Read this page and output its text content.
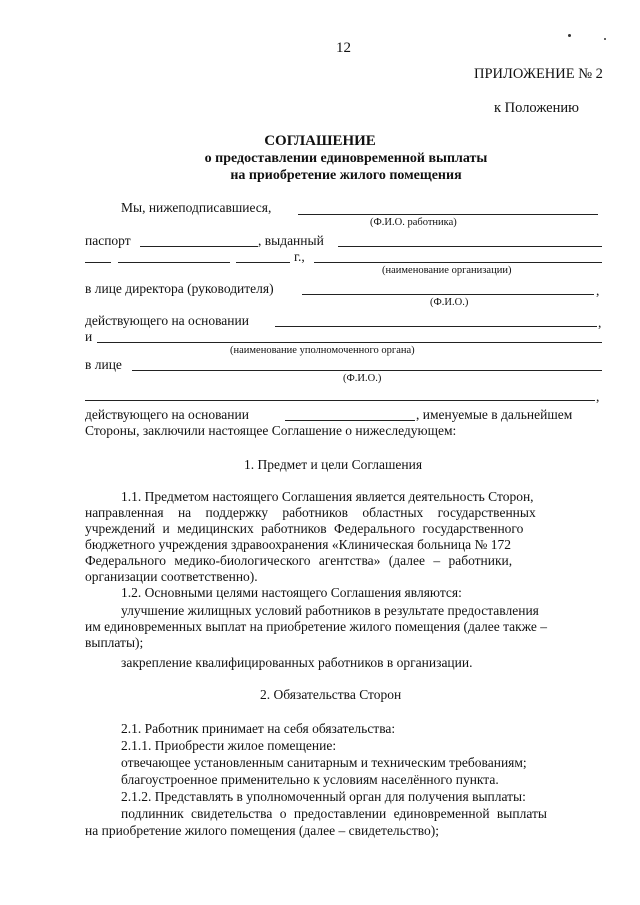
12
ПРИЛОЖЕНИЕ № 2
к Положению
СОГЛАШЕНИЕ
о предоставлении единовременной выплаты
на приобретение жилого помещения
Мы, нижеподписавшиеся,
(Ф.И.О. работника)
паспорт	, выданный
г.,
(наименование организации)
в лице директора (руководителя)	,
(Ф.И.О.)
действующего на основании	,
и
(наименование уполномоченного органа)
в лице
(Ф.И.О.)
,
действующего на основании	, именуемые в дальнейшем
Стороны, заключили настоящее Соглашение о нижеследующем:
1. Предмет и цели Соглашения
1.1. Предметом настоящего Соглашения является деятельность Сторон,
направленная на поддержку работников областных государственных
учреждений и медицинских работников Федерального государственного
бюджетного учреждения здравоохранения «Клиническая больница № 172
Федерального медико-биологического агентства» (далее – работники,
организации соответственно).
1.2. Основными целями настоящего Соглашения являются:
улучшение жилищных условий работников в результате предоставления
им единовременных выплат на приобретение жилого помещения (далее также –
выплаты);
закрепление квалифицированных работников в организации.
2. Обязательства Сторон
2.1. Работник принимает на себя обязательства:
2.1.1. Приобрести жилое помещение:
отвечающее установленным санитарным и техническим требованиям;
благоустроенное применительно к условиям населённого пункта.
2.1.2. Представлять в уполномоченный орган для получения выплаты:
подлинник свидетельства о предоставлении единовременной выплаты
на приобретение жилого помещения (далее – свидетельство);
